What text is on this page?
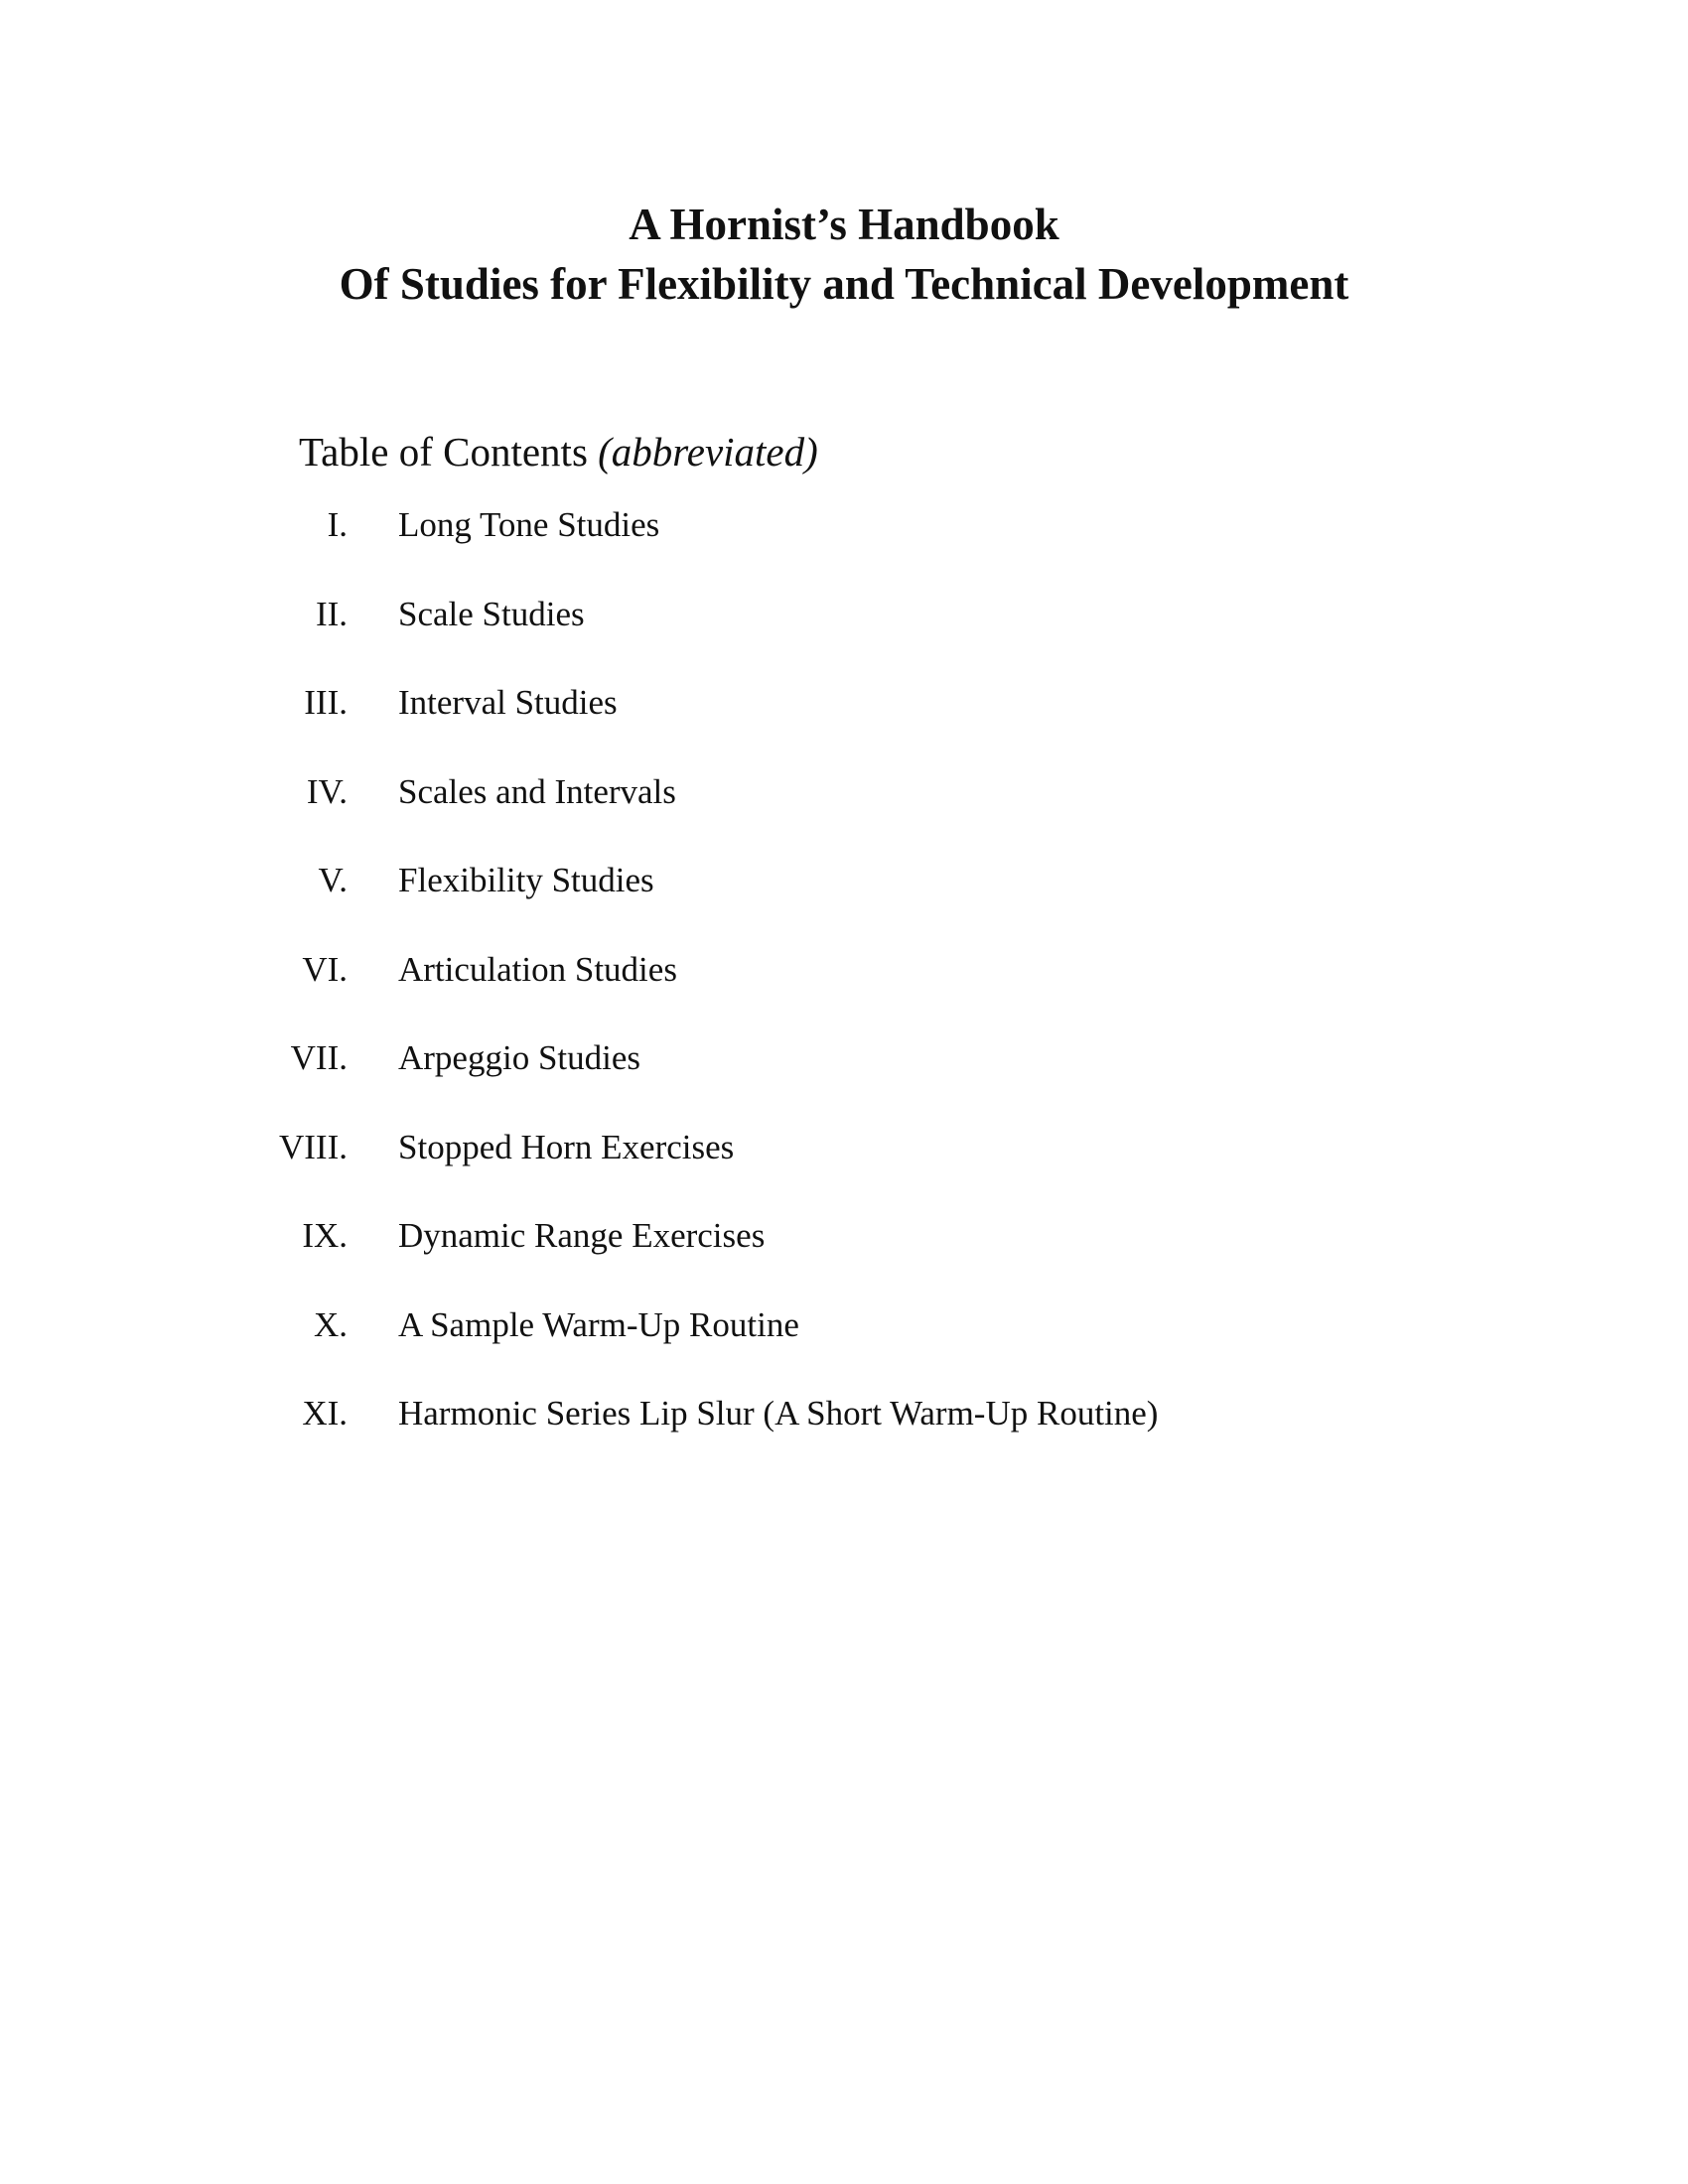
A Hornist’s Handbook
Of Studies for Flexibility and Technical Development
Table of Contents (abbreviated)
I. Long Tone Studies
II. Scale Studies
III. Interval Studies
IV. Scales and Intervals
V. Flexibility Studies
VI. Articulation Studies
VII. Arpeggio Studies
VIII. Stopped Horn Exercises
IX. Dynamic Range Exercises
X. A Sample Warm-Up Routine
XI. Harmonic Series Lip Slur (A Short Warm-Up Routine)
